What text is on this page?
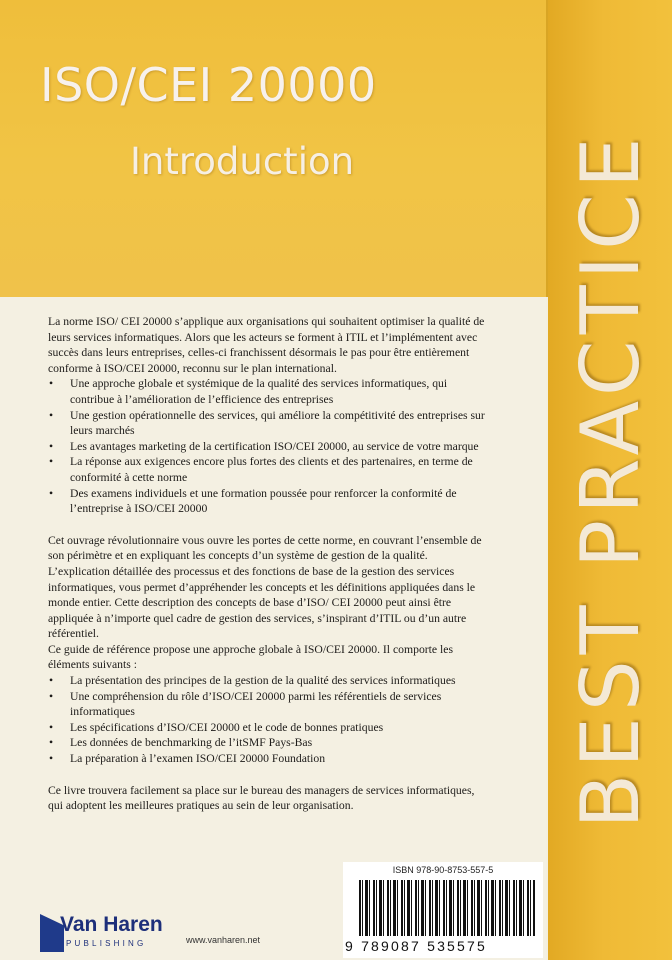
ISO/CEI 20000
Introduction	BEST PRACTICE

La norme ISO/ CEI 20000 s’applique aux organisations qui souhaitent optimiser la qualité de leurs services informatiques. Alors que les acteurs se forment à ITIL et l’implémentent avec succès dans leurs entreprises, celles-ci franchissent désormais le pas pour être entièrement conforme à ISO/CEI 20000, reconnu sur le plan international.

• Une approche globale et systémique de la qualité des services informatiques, qui contribue à l’amélioration de l’efficience des entreprises
• Une gestion opérationnelle des services, qui améliore la compétitivité des entreprises sur leurs marchés
• Les avantages marketing de la certification ISO/CEI 20000, au service de votre marque
• La réponse aux exigences encore plus fortes des clients et des partenaires, en terme de conformité à cette norme
• Des examens individuels et une formation poussée pour renforcer la conformité de l’entreprise à ISO/CEI 20000

Cet ouvrage révolutionnaire vous ouvre les portes de cette norme, en couvrant l’ensemble de son périmètre et en expliquant les concepts d’un système de gestion de la qualité. L’explication détaillée des processus et des fonctions de base de la gestion des services informatiques, vous permet d’appréhender les concepts et les définitions appliquées dans le monde entier. Cette description des concepts de base d’ISO/ CEI 20000 peut ainsi être appliquée à n’importe quel cadre de gestion des services, s’inspirant d’ITIL ou d’un autre référentiel.

Ce guide de référence propose une approche globale à ISO/CEI 20000. Il comporte les éléments suivants :

• La présentation des principes de la gestion de la qualité des services informatiques
• Une compréhension du rôle d’ISO/CEI 20000 parmi les référentiels de services informatiques
• Les spécifications d’ISO/CEI 20000 et le code de bonnes pratiques
• Les données de benchmarking de l’itSMF Pays-Bas
• La préparation à l’examen ISO/CEI 20000 Foundation

Ce livre trouvera facilement sa place sur le bureau des managers de services informatiques, qui adoptent les meilleures pratiques au sein de leur organisation.

ISBN 978-90-8753-557-5
9 789087 535575
Van Haren
PUBLISHING	www.vanharen.net
